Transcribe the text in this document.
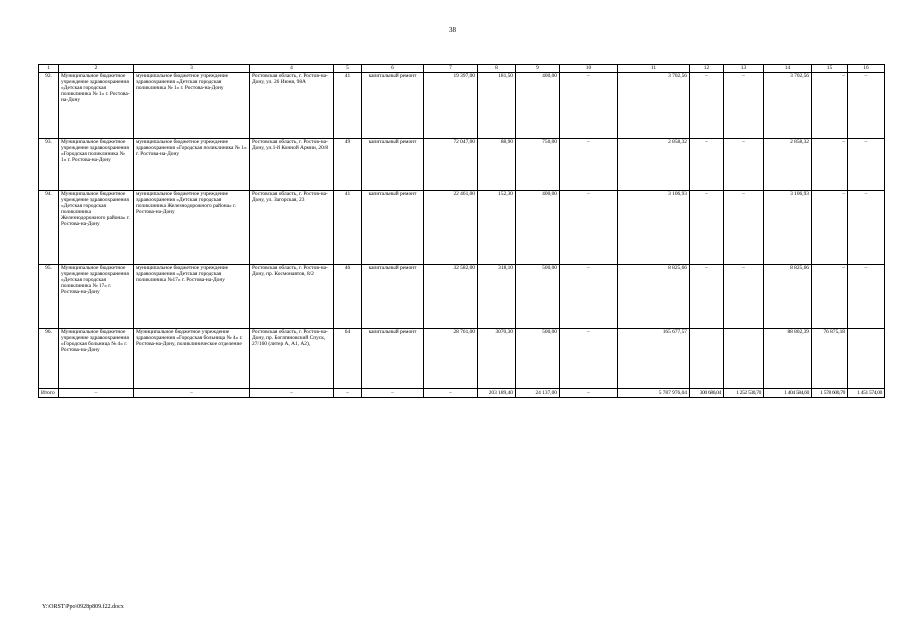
38
1	2	3	4	5	6	7	8	9	10	11	12	13	14	15	16
92.	Муниципальное бюджетное учреждение здравоохранения «Детская городская поликлиника № 1» г. Ростова-на-Дону	муниципальное бюджетное учреждение здравоохранения «Детская городская поликлиника № 1» г. Ростова-на-Дону	Ростовская область, г. Ростов-на-Дону, ул. 26 Июня, 98А	41	капитальный ремонт	19 397,00	181,50	400,00	–	3 702,56	–	–	3 702,56	–	–
93.	Муниципальное бюджетное учреждение здравоохранения «Городская поликлиника № 1» г. Ростова-на-Дону	муниципальное бюджетное учреждение здравоохранения «Городская поликлиника № 1» г. Ростова-на-Дону	Ростовская область, г. Ростов-на-Дону, ул.1-й Конной Армии, 20/8	49	капитальный ремонт	72 047,00	88,90	750,00	–	2 858,32	–	–	2 858,32	–	–
94.	Муниципальное бюджетное учреждение здравоохранения «Детская городская поликлиника Железнодорожного района» г. Ростова-на-Дону	муниципальное бюджетное учреждение здравоохранения «Детская городская поликлиника Железнодорожного района» г. Ростова-на-Дону	Ростовская область, г. Ростов-на-Дону, ул. Загорская, 23	41	капитальный ремонт	22 461,00	152,30	400,00	–	3 106,93	–	–	3 106,93	–	–
95.	Муниципальное бюджетное учреждение здравоохранения «Детская городская поликлиника № 17» г. Ростова-на-Дону	муниципальное бюджетное учреждение здравоохранения «Детская городская поликлиника №17» г. Ростова-на-Дону	Ростовская область, г. Ростов-на-Дону, пр. Космонавтов, 8/2	46	капитальный ремонт	32 582,00	318,10	500,00	–	8 825,66	–	–	8 825,66	–	–
96.	Муниципальное бюджетное учреждение здравоохранения «Городская больница № 4» г. Ростова-на-Дону	Муниципальное бюджетное учреждение здравоохранения «Городская больница № 4» г. Ростова-на-Дону, поликлиническое отделение	Ростовская область, г. Ростов-на-Дону, пр. Богатяновский Спуск, 27/160 (литер А, А1, А2),	64	капитальный ремонт	28 761,00	3070,30	500,00	–	165 677,57			88 802,39	76 875,18	
Итого	–	–	–	–	–	–	203 189,40	24 137,00	–	5 787 976,04	300 686,04	1 252 530,70	1 404 584,60	1 578 600,70	1 451 574,00
Y:\ORST\Ppo\0928p809.f22.docx
